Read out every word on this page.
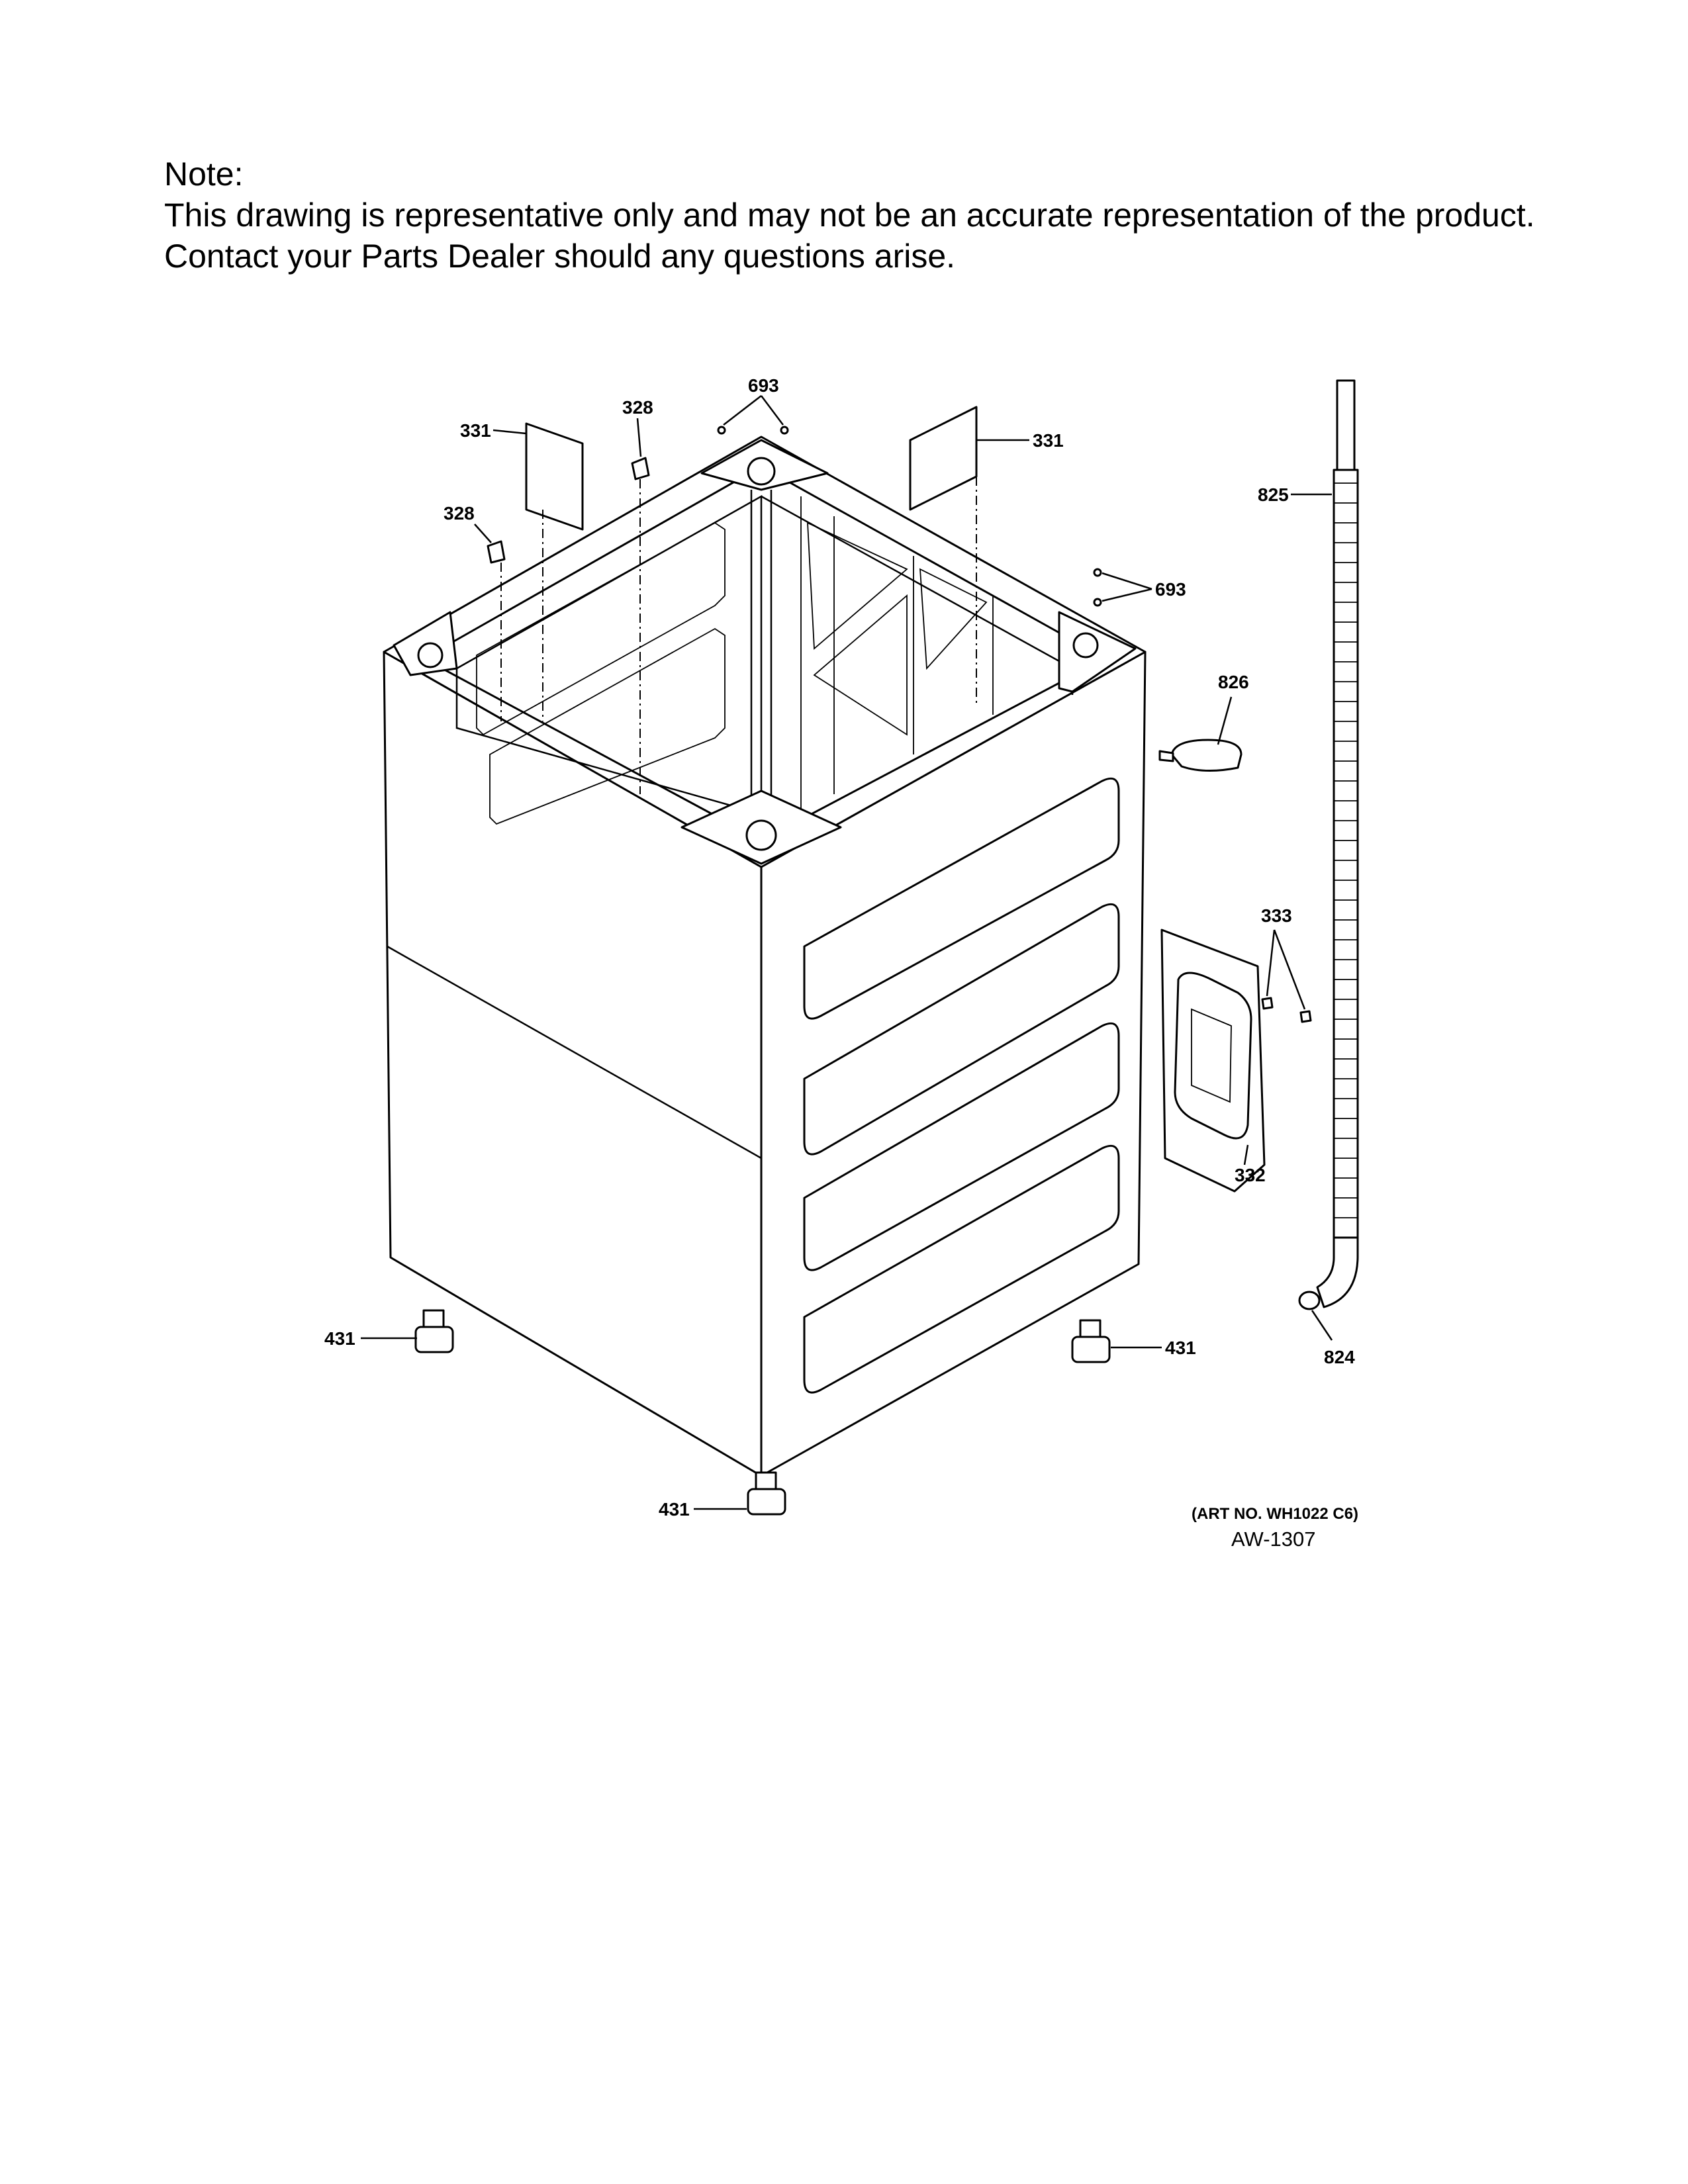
Note:
This drawing is representative only and may not be an accurate representation of the product.
Contact your Parts Dealer should any questions arise.
693
328
331	331
328
825
693
826
333
332
824
431	431
431	(ART NO. WH1022 C6)
AW-1307
